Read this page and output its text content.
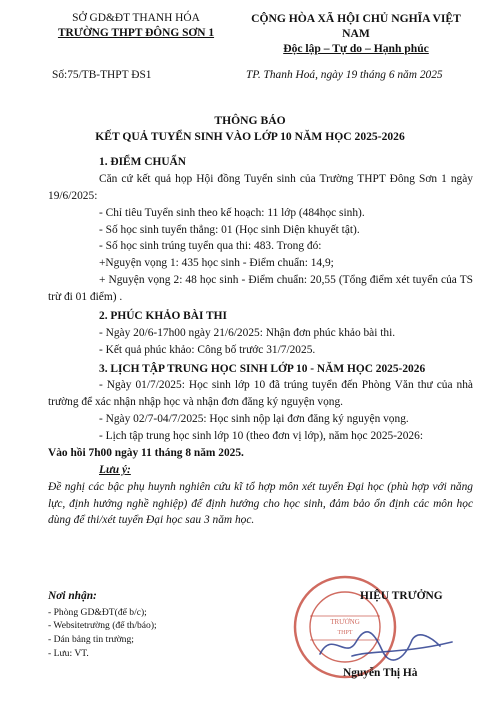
SỞ GD&ĐT THANH HÓA
TRƯỜNG THPT ĐÔNG SƠN 1
CỘNG HÒA XÃ HỘI CHỦ NGHĨA VIỆT NAM
Độc lập – Tự do – Hạnh phúc
Số:75/TB-THPT ĐS1	TP. Thanh Hoá, ngày 19 tháng 6 năm 2025
THÔNG BÁO
KẾT QUẢ TUYỂN SINH VÀO LỚP 10 NĂM HỌC 2025-2026

1. ĐIỂM CHUẨN

Căn cứ kết quả họp Hội đồng Tuyển sinh của Trường THPT Đông Sơn 1 ngày 19/6/2025:

- Chỉ tiêu Tuyển sinh theo kế hoạch: 11 lớp (484học sinh).

- Số học sinh tuyển thẳng: 01 (Học sinh Diện khuyết tật).

- Số học sinh trúng tuyển qua thi: 483. Trong đó:

+Nguyện vọng 1: 435 học sinh - Điểm chuẩn: 14,9;

+ Nguyện vọng 2: 48 học sinh - Điểm chuẩn: 20,55 (Tổng điểm xét tuyển của TS trừ đi 01 điểm) .

2. PHÚC KHẢO BÀI THI

- Ngày 20/6-17h00 ngày 21/6/2025: Nhận đơn phúc khảo bài thi.

- Kết quả phúc khảo: Công bố trước 31/7/2025.

3. LỊCH TẬP TRUNG HỌC SINH LỚP 10 - NĂM HỌC 2025-2026

- Ngày 01/7/2025: Học sinh lớp 10 đã trúng tuyển đến Phòng Văn thư của nhà trường để xác nhận nhập học và nhận đơn đăng ký nguyện vọng.

- Ngày 02/7-04/7/2025: Học sinh nộp lại đơn đăng ký nguyện vọng.

- Lịch tập trung học sinh lớp 10 (theo đơn vị lớp), năm học 2025-2026:

Vào hồi 7h00 ngày 11 tháng 8 năm 2025.

Lưu ý:

Đề nghị các bậc phụ huynh nghiên cứu kĩ tổ hợp môn xét tuyển Đại học (phù hợp với năng lực, định hướng nghề nghiệp) để định hướng cho học sinh, đảm bảo ổn định các môn học dùng để thi/xét tuyển Đại học sau 3 năm học.

Nơi nhận:
- Phòng GD&ĐT(để b/c);
- Websitetrường (để th/báo);
- Dán bảng tin trường;
- Lưu: VT.
TRƯỜNG
THPT
HIỆU TRƯỞNG
Nguyễn Thị Hà
